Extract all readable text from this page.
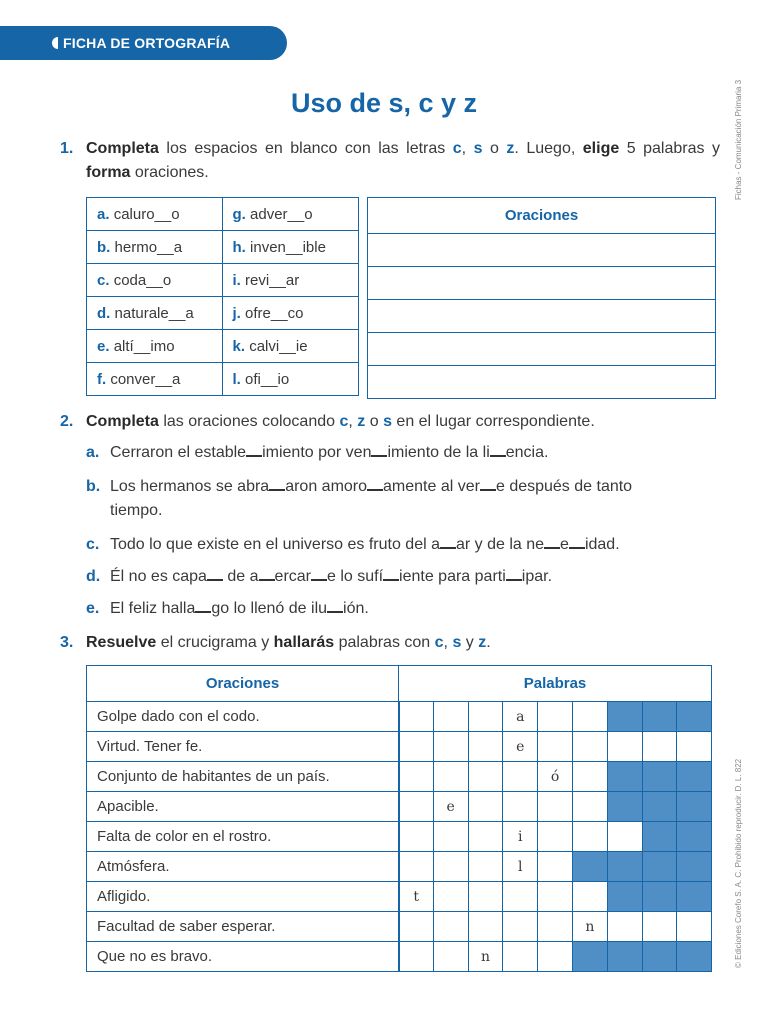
FICHA DE ORTOGRAFÍA
Fichas - Comunicación Primaria 3
© Ediciones Corefo S. A. C. Prohibido reproducir. D. L. 822
Uso de s, c y z
1. Completa los espacios en blanco con las letras c, s o z. Luego, elige 5 palabras y forma oraciones.
a. caluro__o	g. adver__o
b. hermo__a	h. inven__ible
c. coda__o	i. revi__ar
d. naturale__a	j. ofre__co
e. altí__imo	k. calvi__ie
f. conver__a	l. ofi__io
Oraciones

2. Completa las oraciones colocando c, z o s en el lugar correspondiente.
a. Cerraron el estable imiento por ven imiento de la li encia.
b. Los hermanos se abra aron amoro amente al ver e después de tanto
tiempo.
c. Todo lo que existe en el universo es fruto del a ar y de la ne e idad.
d. Él no es capa de a ercar e lo sufí iente para parti ipar.
e. El feliz halla go lo llenó de ilu ión.
3. Resuelve el crucigrama y hallarás palabras con c, s y z.
Oraciones	Palabras								
Golpe dado con el codo.				a					
Virtud. Tener fe.				e					
Conjunto de habitantes de un país.					ó				
Apacible.		e							
Falta de color en el rostro.				i					
Atmósfera.				l					
Afligido.	t								
Facultad de saber esperar.						n			
Que no es bravo.			n						
